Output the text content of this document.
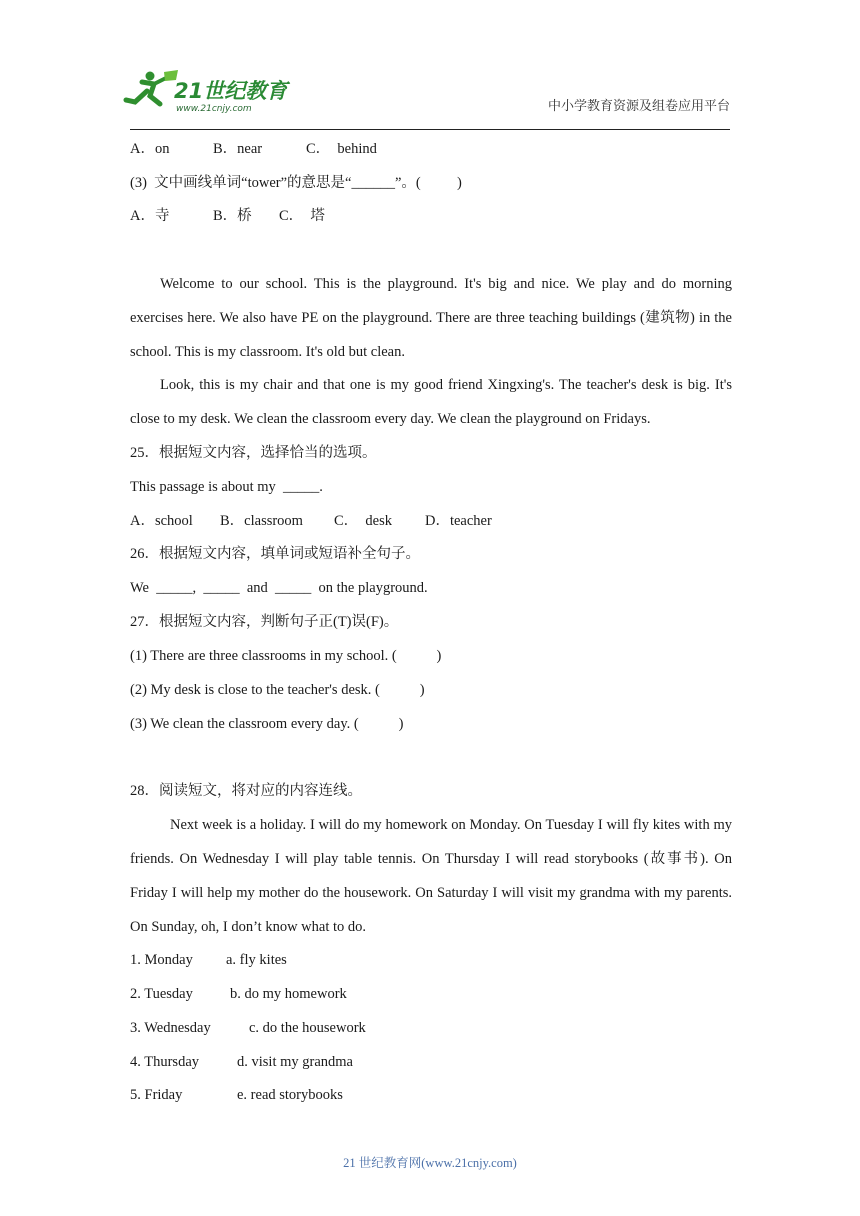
21世纪教育
www.21cnjy.com	中小学教育资源及组卷应用平台
A．on	B．near	C．  behind
(3)  文中画线单词“tower”的意思是“______”。(          )
A．寺	B．桥 C．  塔

Welcome to our school. This is the playground. It's big and nice. We play and do morning exercises here. We also have PE on the playground. There are three teaching buildings (建筑物) in the school. This is my classroom. It's old but clean.

Look, this is my chair and that one is my good friend Xingxing's. The teacher's desk is big. It's close to my desk. We clean the classroom every day. We clean the playground on Fridays.

25．根据短文内容，选择恰当的选项。
This passage is about my  _____.
A．school B．classroom C．  desk D．teacher
26．根据短文内容，填单词或短语补全句子。
We  _____,  _____  and  _____  on the playground.
27．根据短文内容，判断句子正(T)误(F)。
(1) There are three classrooms in my school. (           )
(2) My desk is close to the teacher's desk. (           )
(3) We clean the classroom every day. (           )
28．阅读短文，将对应的内容连线。

Next week is a holiday. I will do my homework on Monday. On Tuesday I will fly kites with my friends. On Wednesday I will play table tennis. On Thursday I will read storybooks (故事书). On Friday I will help my mother do the housework. On Saturday I will visit my grandma with my parents. On Sunday, oh, I don’t know what to do.

1. Monday a. fly kites
2. Tuesday	b. do my homework
3. Wednesday	c. do the housework
4. Thursday	d. visit my grandma
5. Friday	e. read storybooks
21 世纪教育网(www.21cnjy.com)
